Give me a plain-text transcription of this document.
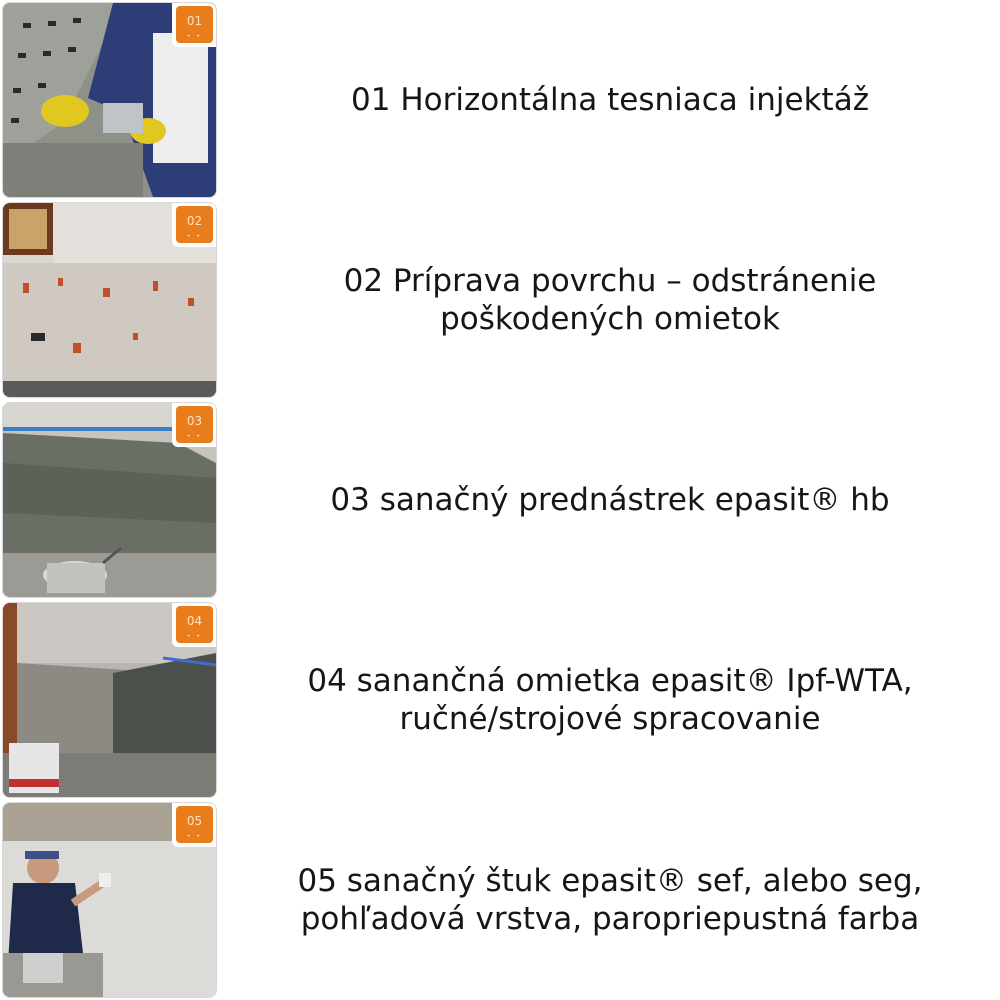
01
• •
01 Horizontálna tesniaca injektáž
02
• •
02 Príprava povrchu – odstránenie
poškodených omietok
03
• •
03 sanačný prednástrek epasit® hb
04
• •
04 sanančná omietka epasit® Ipf-WTA,
ručné/strojové spracovanie
05
• •
05 sanačný štuk epasit® sef, alebo seg,
pohľadová vrstva, paropriepustná farba
